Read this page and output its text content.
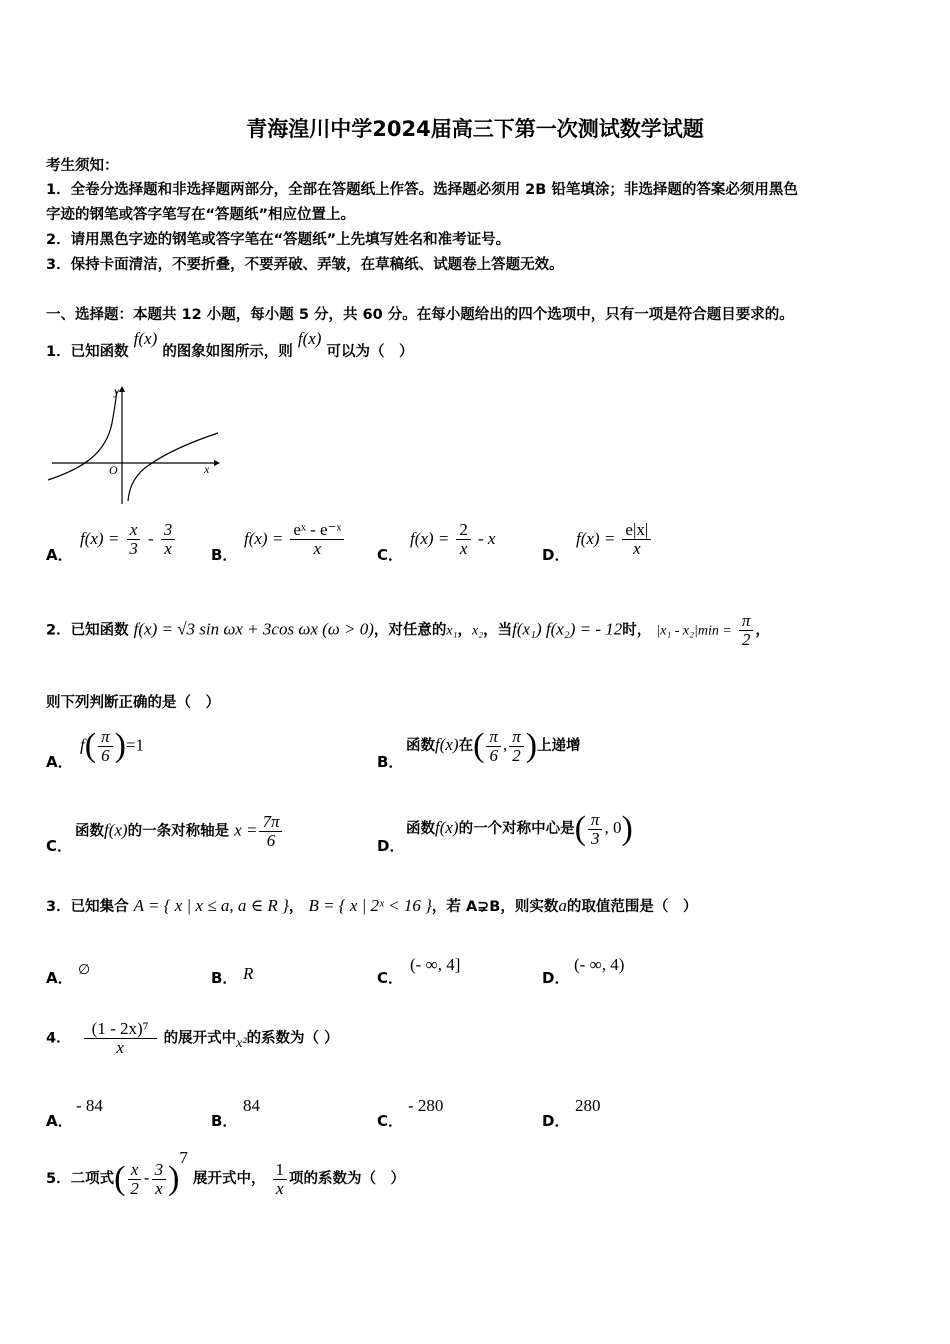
青海湟川中学2024届高三下第一次测试数学试题
考生须知：
1．全卷分选择题和非选择题两部分，全部在答题纸上作答。选择题必须用 2B 铅笔填涂；非选择题的答案必须用黑色
字迹的钢笔或答字笔写在“答题纸”相应位置上。
2．请用黑色字迹的钢笔或答字笔在“答题纸”上先填写姓名和准考证号。
3．保持卡面清洁，不要折叠，不要弄破、弄皱，在草稿纸、试题卷上答题无效。
一、选择题：本题共 12 小题，每小题 5 分，共 60 分。在每小题给出的四个选项中，只有一项是符合题目要求的。
1．已知函数 f(x) 的图象如图所示，则 f(x) 可以为（　）
y
x
O
A．
$f(x) = \frac{x}{3} - \frac{3}{x}$ B．
$f(x) = \frac{\text{eˣ - e⁻ˣ}}{x}$ C．
$f(x) = \frac{2}{x} - x$
D．
$f(x) = \frac{e|x|}{x}$
2．已知函数 f(x) = √3 sin ωx + 3cos ωx (ω > 0)，对任意的x₁，x₂，当f(x₁) f(x₂) = - 12时， $|x_1 - x_2|\min = \frac{\pi}{2}$ ，
则下列判断正确的是（　）
A．
$f( \frac{\pi}{6} )=1$
B．
函数f(x)在( $\frac{\pi}{6}$ , $\frac{\pi}{2}$ )上递增
C．
函数f(x)的一条对称轴是 $x = \frac{7\pi}{6}$	D．
函数f(x)的一个对称中心是( $\frac{\pi}{3}$ , 0)
3．已知集合 A = { x | x ≤ a, a ∈ R }， B = { x | 2ˣ < 16 }，若 A⊋B，则实数a的取值范围是（　）
A． ∅	B． R	C．
(- ∞, 4]
D．
(- ∞, 4)
4． $\frac{\text{(1 - 2x)⁷}}{x}$ 的展开式中x²的系数为（ ）
A．
- 84
B．
84
C．
- 280
D．
280
5．二项式( $\frac{x}{2} - \frac{3}{x} )^7$ 展开式中， $\frac{1}{x}$ 项的系数为（　）
